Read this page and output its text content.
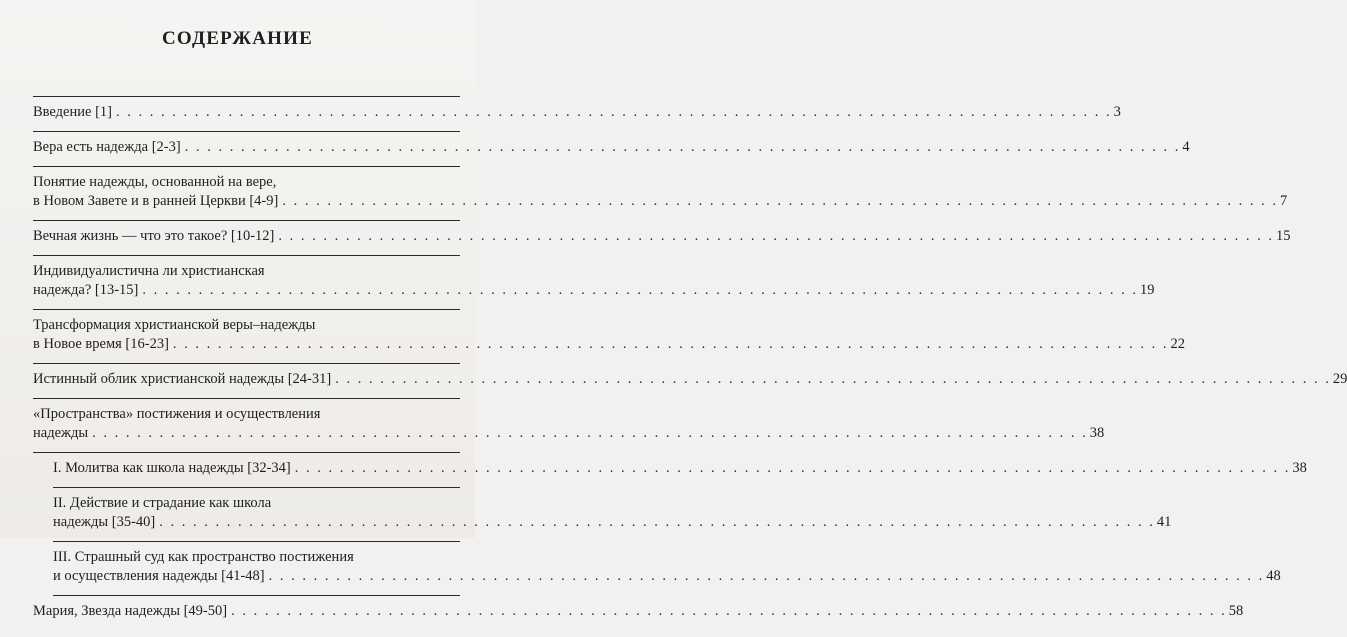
СОДЕРЖАНИЕ
Введение [1] . . .	3
Вера есть надежда [2-3] . . .	4
Понятие надежды, основанной на вере,
в Новом Завете и в ранней Церкви [4-9] . . .	7
Вечная жизнь — что это такое? [10-12] . . .	15
Индивидуалистична ли христианская
надежда? [13-15] . . .	19
Трансформация христианской веры–надежды
в Новое время [16-23] . . .	22
Истинный облик христианской надежды [24-31] . . .	29
«Пространства» постижения и осуществления
надежды . . .	38
I. Молитва как школа надежды [32-34] . . .	38
II. Действие и страдание как школа
надежды [35-40] . . .	41
III. Страшный суд как пространство постижения
и осуществления надежды [41-48] . . .	48
Мария, Звезда надежды [49-50] . . .	58
